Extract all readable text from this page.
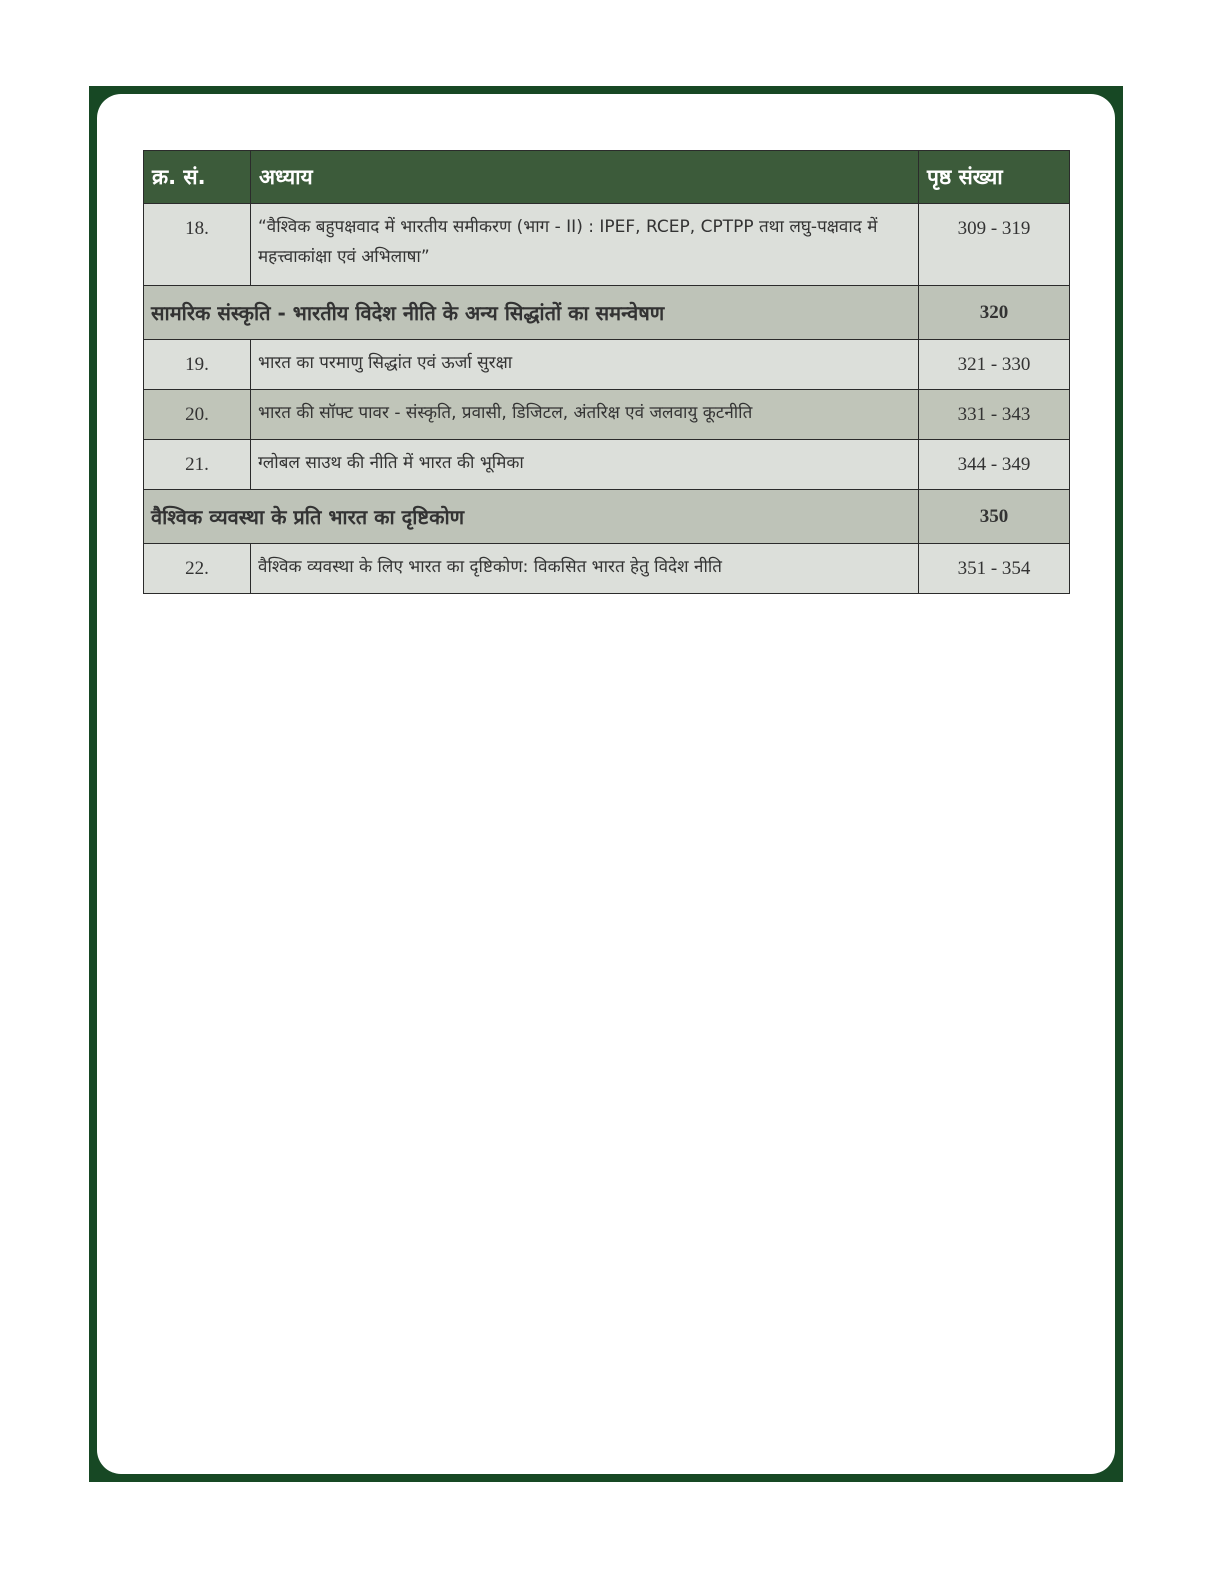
क्र. सं.	अध्याय	पृष्ठ संख्या
18.	“वैश्विक बहुपक्षवाद में भारतीय समीकरण (भाग - II) : IPEF, RCEP, CPTPP तथा लघु-पक्षवाद में महत्त्वाकांक्षा एवं अभिलाषा”	309 - 319
सामरिक संस्कृति - भारतीय विदेश नीति के अन्य सिद्धांतों का समन्वेषण		320
19.	भारत का परमाणु सिद्धांत एवं ऊर्जा सुरक्षा	321 - 330
20.	भारत की सॉफ्ट पावर - संस्कृति, प्रवासी, डिजिटल, अंतरिक्ष एवं जलवायु कूटनीति	331 - 343
21.	ग्लोबल साउथ की नीति में भारत की भूमिका	344 - 349
वैश्विक व्यवस्था के प्रति भारत का दृष्टिकोण		350
22.	वैश्विक व्यवस्था के लिए भारत का दृष्टिकोण: विकसित भारत हेतु विदेश नीति	351 - 354
